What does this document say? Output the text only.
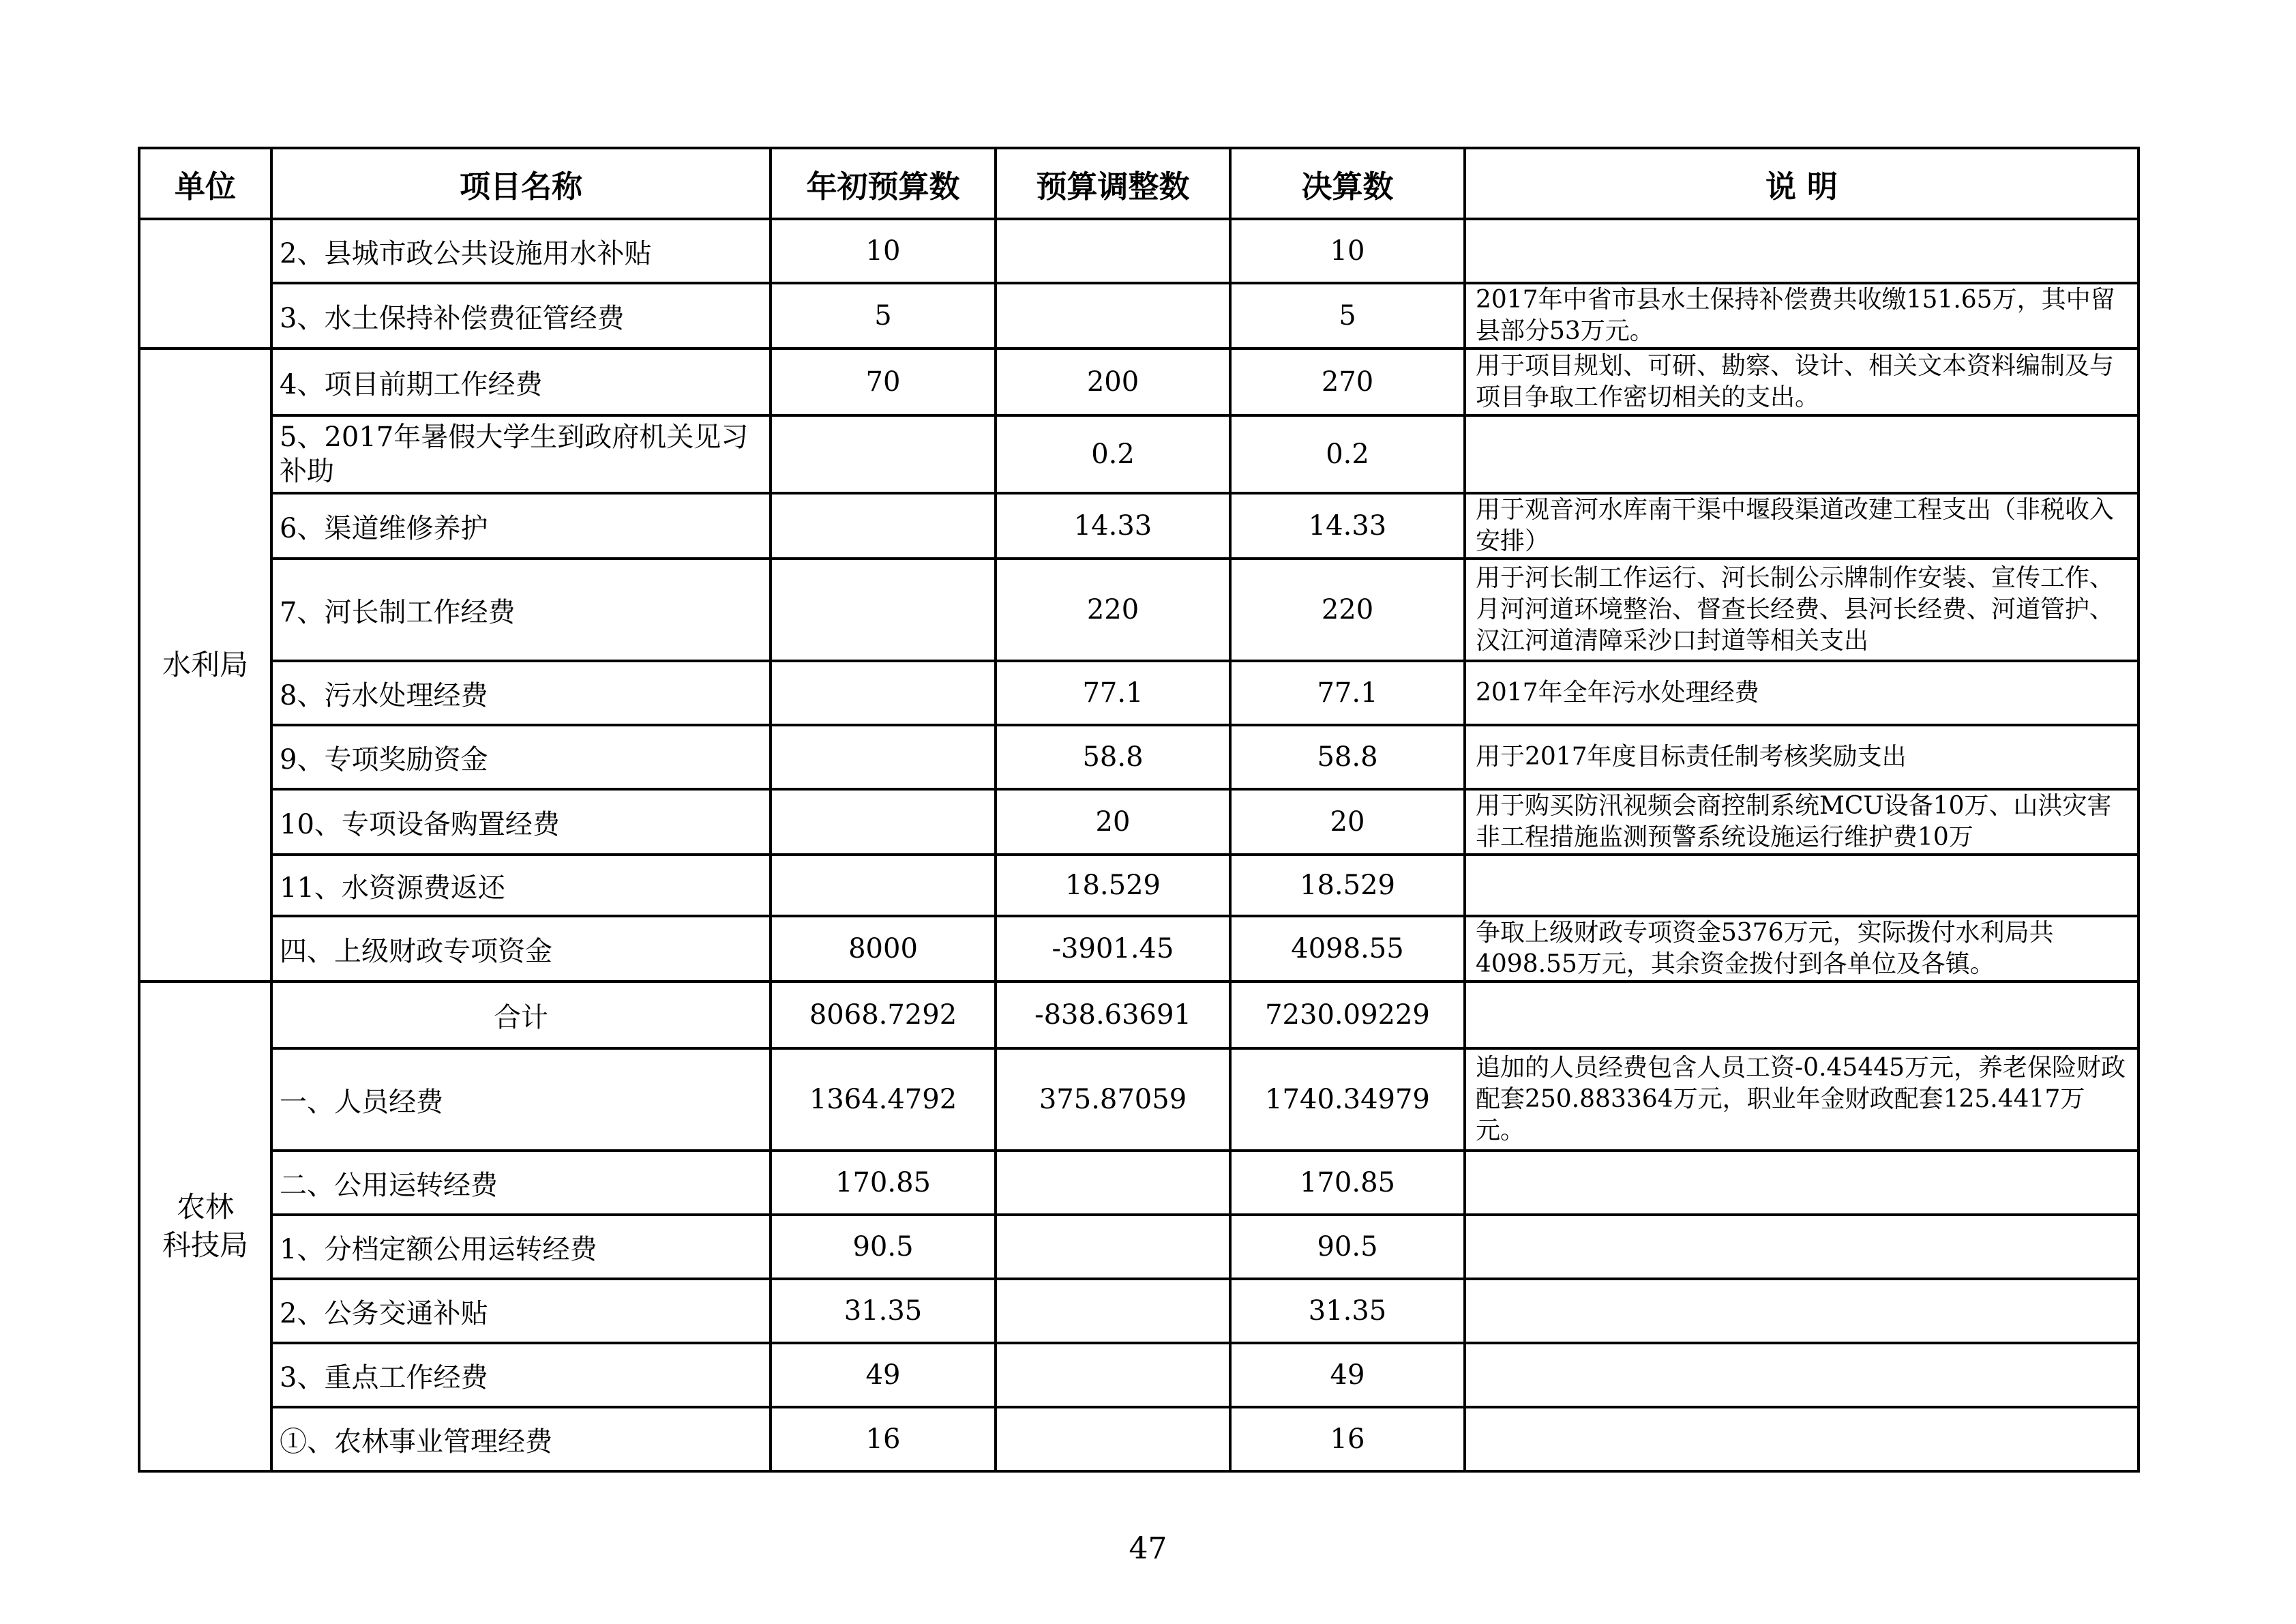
单位	项目名称	年初预算数	预算调整数	决算数	说 明
	2、县城市政公共设施用水补贴	10		10	
	3、水土保持补偿费征管经费	5		5	2017年中省市县水土保持补偿费共收缴151.65万，其中留县部分53万元。
水利局	4、项目前期工作经费	70	200	270	用于项目规划、可研、勘察、设计、相关文本资料编制及与项目争取工作密切相关的支出。
	5、2017年暑假大学生到政府机关见习补助		0.2	0.2	
	6、渠道维修养护		14.33	14.33	用于观音河水库南干渠中堰段渠道改建工程支出（非税收入安排）
	7、河长制工作经费		220	220	用于河长制工作运行、河长制公示牌制作安装、宣传工作、月河河道环境整治、督查长经费、县河长经费、河道管护、汉江河道清障采沙口封道等相关支出
	8、污水处理经费		77.1	77.1	2017年全年污水处理经费
	9、专项奖励资金		58.8	58.8	用于2017年度目标责任制考核奖励支出
	10、专项设备购置经费		20	20	用于购买防汛视频会商控制系统MCU设备10万、山洪灾害非工程措施监测预警系统设施运行维护费10万
	11、水资源费返还		18.529	18.529	
	四、上级财政专项资金	8000	-3901.45	4098.55	争取上级财政专项资金5376万元，实际拨付水利局共4098.55万元，其余资金拨付到各单位及各镇。

农林
科技局	合计	8068.7292	-838.63691	7230.09229	
	一、人员经费	1364.4792	375.87059	1740.34979	追加的人员经费包含人员工资-0.45445万元，养老保险财政配套250.883364万元，职业年金财政配套125.4417万元。
	二、公用运转经费	170.85		170.85	
	1、分档定额公用运转经费	90.5		90.5	
	2、公务交通补贴	31.35		31.35	
	3、重点工作经费	49		49	
	①、农林事业管理经费	16		16	
47
